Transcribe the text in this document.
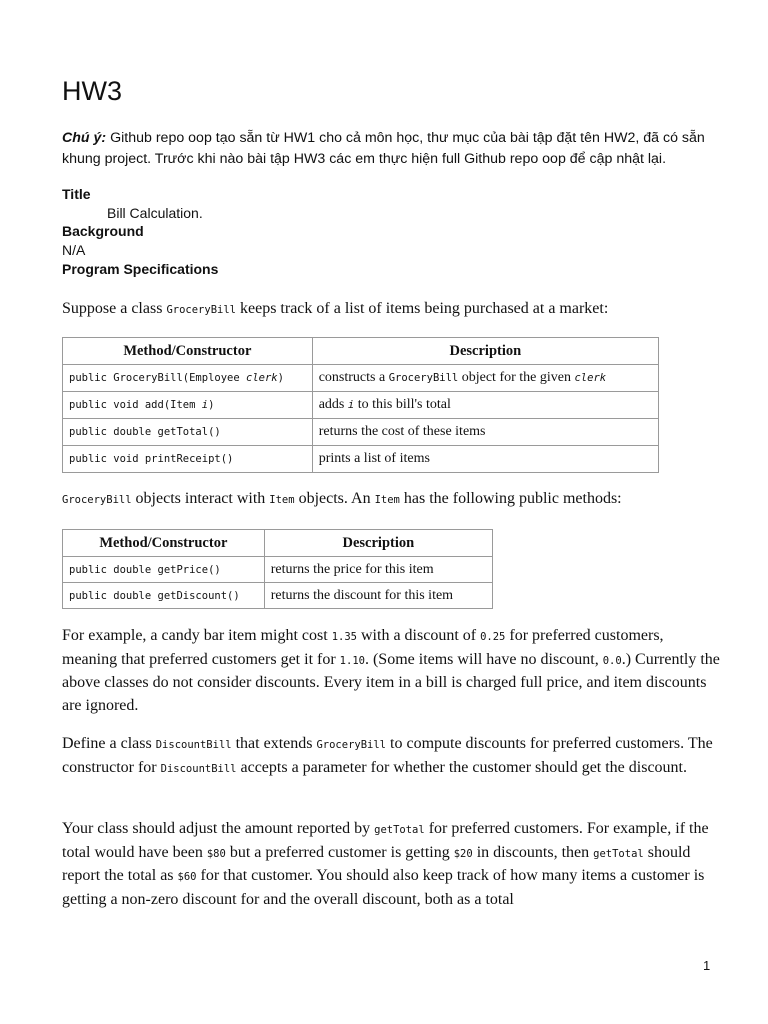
HW3
Chú ý: Github repo oop tạo sẵn từ HW1 cho cả môn học, thư mục của bài tập đặt tên HW2, đã có sẵn khung project. Trước khi nào bài tập HW3 các em thực hiện full Github repo oop để cập nhật lại.
Title
Bill Calculation.
Background
N/A
Program Specifications
Suppose a class GroceryBill keeps track of a list of items being purchased at a market:
Method/Constructor	Description
public GroceryBill(Employee clerk)	constructs a GroceryBill object for the given clerk
public void add(Item i)	adds i to this bill's total
public double getTotal()	returns the cost of these items
public void printReceipt()	prints a list of items
GroceryBill objects interact with Item objects. An Item has the following public methods:
Method/Constructor	Description
public double getPrice()	returns the price for this item
public double getDiscount()	returns the discount for this item
For example, a candy bar item might cost 1.35 with a discount of 0.25 for preferred customers, meaning that preferred customers get it for 1.10. (Some items will have no discount, 0.0.) Currently the above classes do not consider discounts. Every item in a bill is charged full price, and item discounts are ignored.
Define a class DiscountBill that extends GroceryBill to compute discounts for preferred customers. The constructor for DiscountBill accepts a parameter for whether the customer should get the discount.
Your class should adjust the amount reported by getTotal for preferred customers. For example, if the total would have been $80 but a preferred customer is getting $20 in discounts, then getTotal should report the total as $60 for that customer. You should also keep track of how many items a customer is getting a non-zero discount for and the overall discount, both as a total
1
